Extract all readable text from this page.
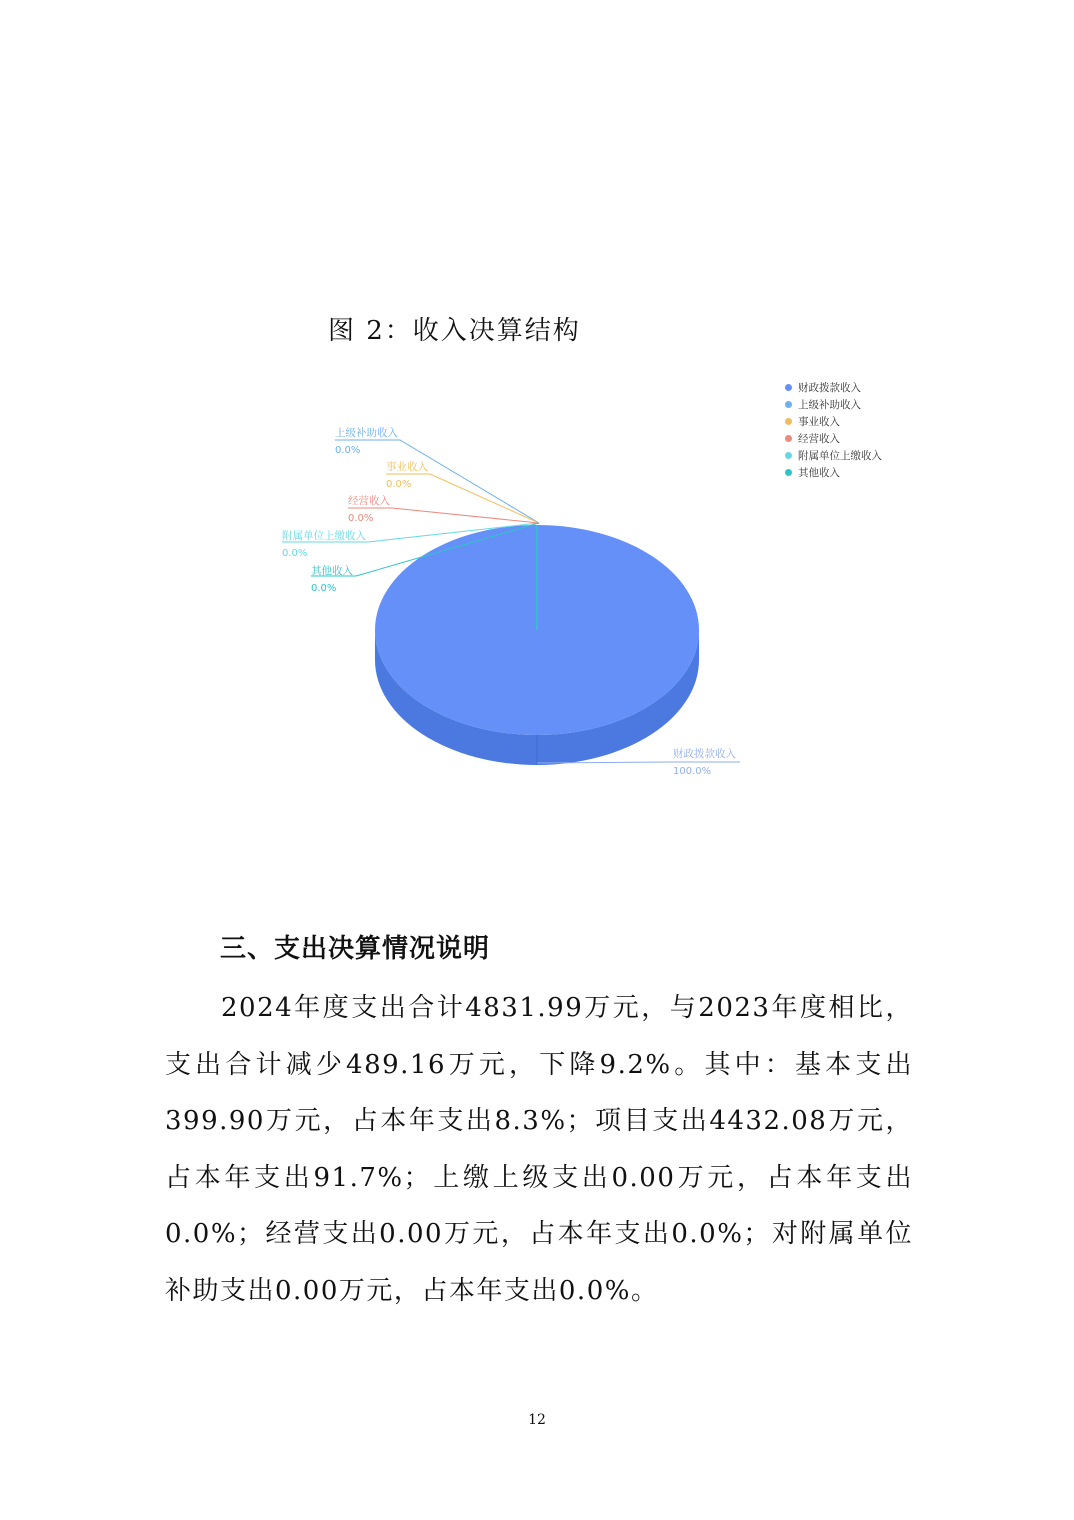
图 2：收入决算结构
财政拨款收入
100.0%
上级补助收入
0.0%
事业收入
0.0%
经营收入
0.0%
附属单位上缴收入
0.0%
其他收入
0.0%
财政拨款收入
上级补助收入
事业收入
经营收入
附属单位上缴收入
其他收入
三、支出决算情况说明

2024年度支出合计4831.99万元，与2023年度相比，支出合计减少489.16万元，下降9.2%。其中：基本支出399.90万元，占本年支出8.3%；项目支出4432.08万元，占本年支出91.7%；上缴上级支出0.00万元，占本年支出0.0%；经营支出0.00万元，占本年支出0.0%；对附属单位补助支出0.00万元，占本年支出0.0%。

12
